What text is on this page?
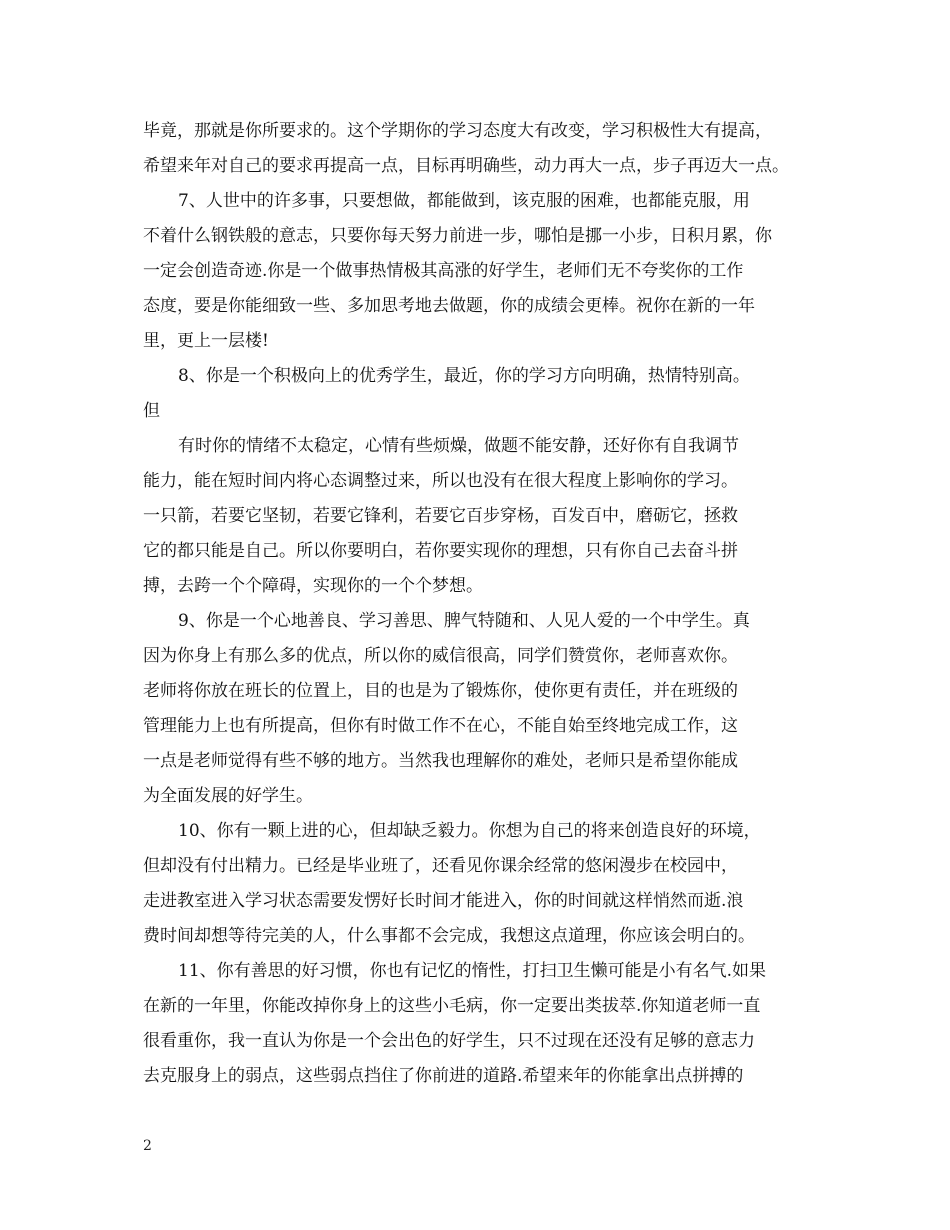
毕竟，那就是你所要求的。这个学期你的学习态度大有改变，学习积极性大有提高，
希望来年对自己的要求再提高一点，目标再明确些，动力再大一点，步子再迈大一点。
7、人世中的许多事，只要想做，都能做到，该克服的困难，也都能克服，用
不着什么钢铁般的意志，只要你每天努力前进一步，哪怕是挪一小步，日积月累，你
一定会创造奇迹.你是一个做事热情极其高涨的好学生，老师们无不夸奖你的工作
态度，要是你能细致一些、多加思考地去做题，你的成绩会更棒。祝你在新的一年
里，更上一层楼!
8、你是一个积极向上的优秀学生，最近，你的学习方向明确，热情特别高。
但
有时你的情绪不太稳定，心情有些烦燥，做题不能安静，还好你有自我调节
能力，能在短时间内将心态调整过来，所以也没有在很大程度上影响你的学习。
一只箭，若要它坚韧，若要它锋利，若要它百步穿杨，百发百中，磨砺它，拯救
它的都只能是自己。所以你要明白，若你要实现你的理想，只有你自己去奋斗拼
搏，去跨一个个障碍，实现你的一个个梦想。
9、你是一个心地善良、学习善思、脾气特随和、人见人爱的一个中学生。真
因为你身上有那么多的优点，所以你的威信很高，同学们赞赏你，老师喜欢你。
老师将你放在班长的位置上，目的也是为了锻炼你，使你更有责任，并在班级的
管理能力上也有所提高，但你有时做工作不在心，不能自始至终地完成工作，这
一点是老师觉得有些不够的地方。当然我也理解你的难处，老师只是希望你能成
为全面发展的好学生。
10、你有一颗上进的心，但却缺乏毅力。你想为自己的将来创造良好的环境，
但却没有付出精力。已经是毕业班了，还看见你课余经常的悠闲漫步在校园中，
走进教室进入学习状态需要发愣好长时间才能进入，你的时间就这样悄然而逝.浪
费时间却想等待完美的人，什么事都不会完成，我想这点道理，你应该会明白的。
11、你有善思的好习惯，你也有记忆的惰性，打扫卫生懒可能是小有名气.如果
在新的一年里，你能改掉你身上的这些小毛病，你一定要出类拔萃.你知道老师一直
很看重你，我一直认为你是一个会出色的好学生，只不过现在还没有足够的意志力
去克服身上的弱点，这些弱点挡住了你前进的道路.希望来年的你能拿出点拼搏的
2
